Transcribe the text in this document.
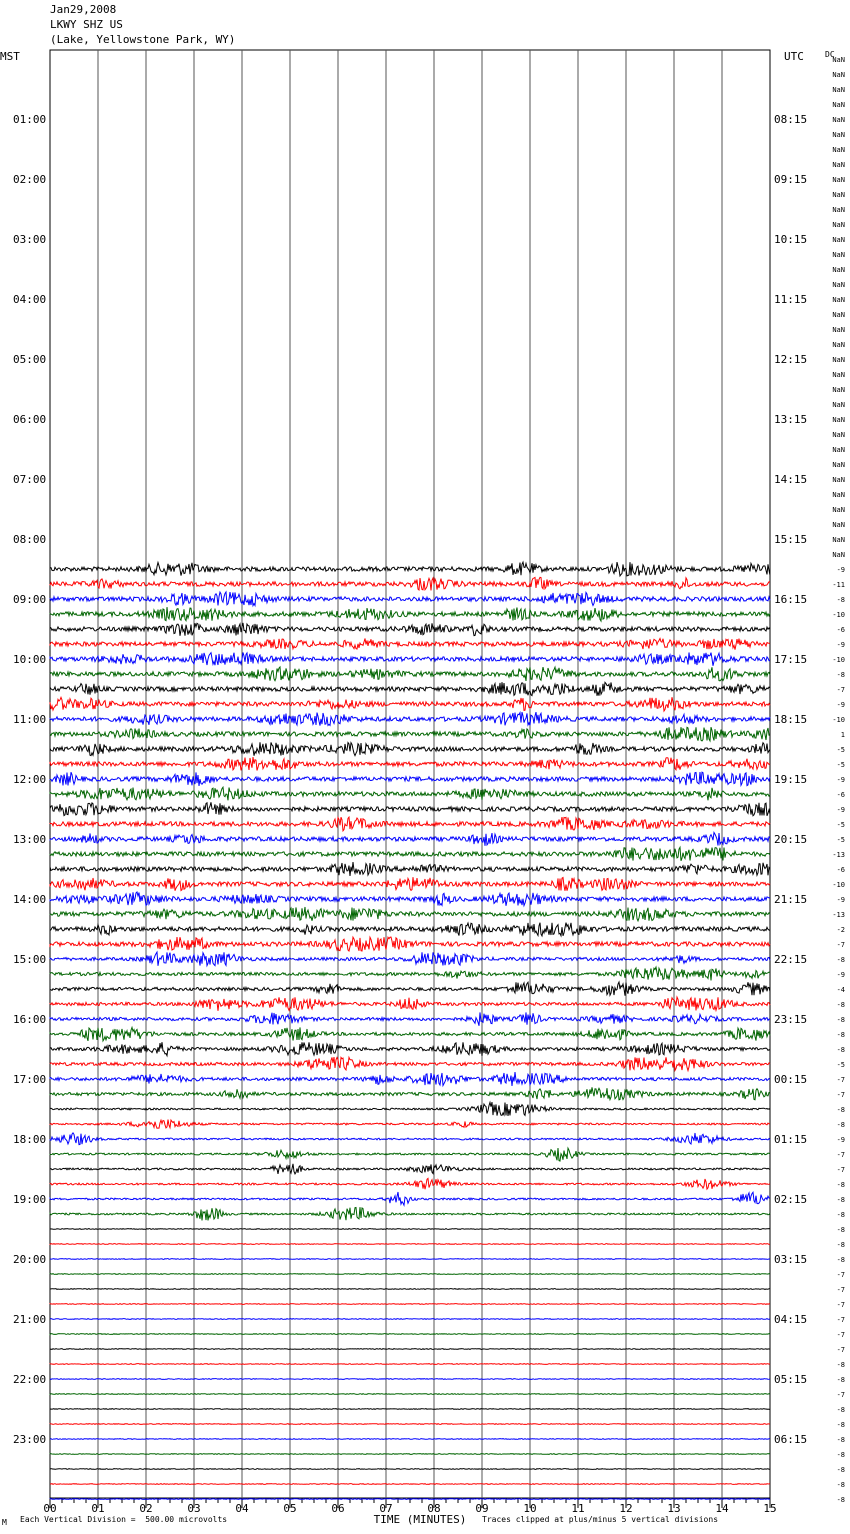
Jan29,2008
LKWY SHZ US
(Lake, Yellowstone Park, WY)
MST	UTC	DC
01:00	08:15
02:00	09:15
03:00	10:15
04:00	11:15
05:00	12:15
06:00	13:15
07:00	14:15
08:00	15:15
09:00	16:15
10:00	17:15
11:00	18:15
12:00	19:15
13:00	20:15
14:00	21:15
15:00	22:15
16:00	23:15
17:00	00:15
18:00	01:15
19:00	02:15
20:00	03:15
21:00	04:15
22:00	05:15
23:00	06:15
NaN
NaN
NaN
NaN
NaN
NaN
NaN
NaN
NaN
NaN
NaN
NaN
NaN
NaN
NaN
NaN
NaN
NaN
NaN
NaN
NaN
NaN
NaN
NaN
NaN
NaN
NaN
NaN
NaN
NaN
NaN
NaN
NaN
NaN
-9
-11
-8
-10
-6
-9
-10
-8
-7
-9
-10
1
-5
-5
-9
-6
-9
-5
-5
-13
-6
-10
-9
-13
-2
-7
-8
-9
-4
-8
-8
-8
-8
-5
-7
-7
-8
-8
-9
-7
-7
-8
-8
-8
-8
-8
-8
-7
-7
-7
-7
-7
-7
-8
-8
-7
-8
-8
-8
-8
-8
-8
-8
00	01	02	03	04	05	06	07	08	09	10	11	12	13	14	15
TIME (MINUTES)
M Each Vertical Division =  500.00 microvolts	Traces clipped at plus/minus 5 vertical divisions
